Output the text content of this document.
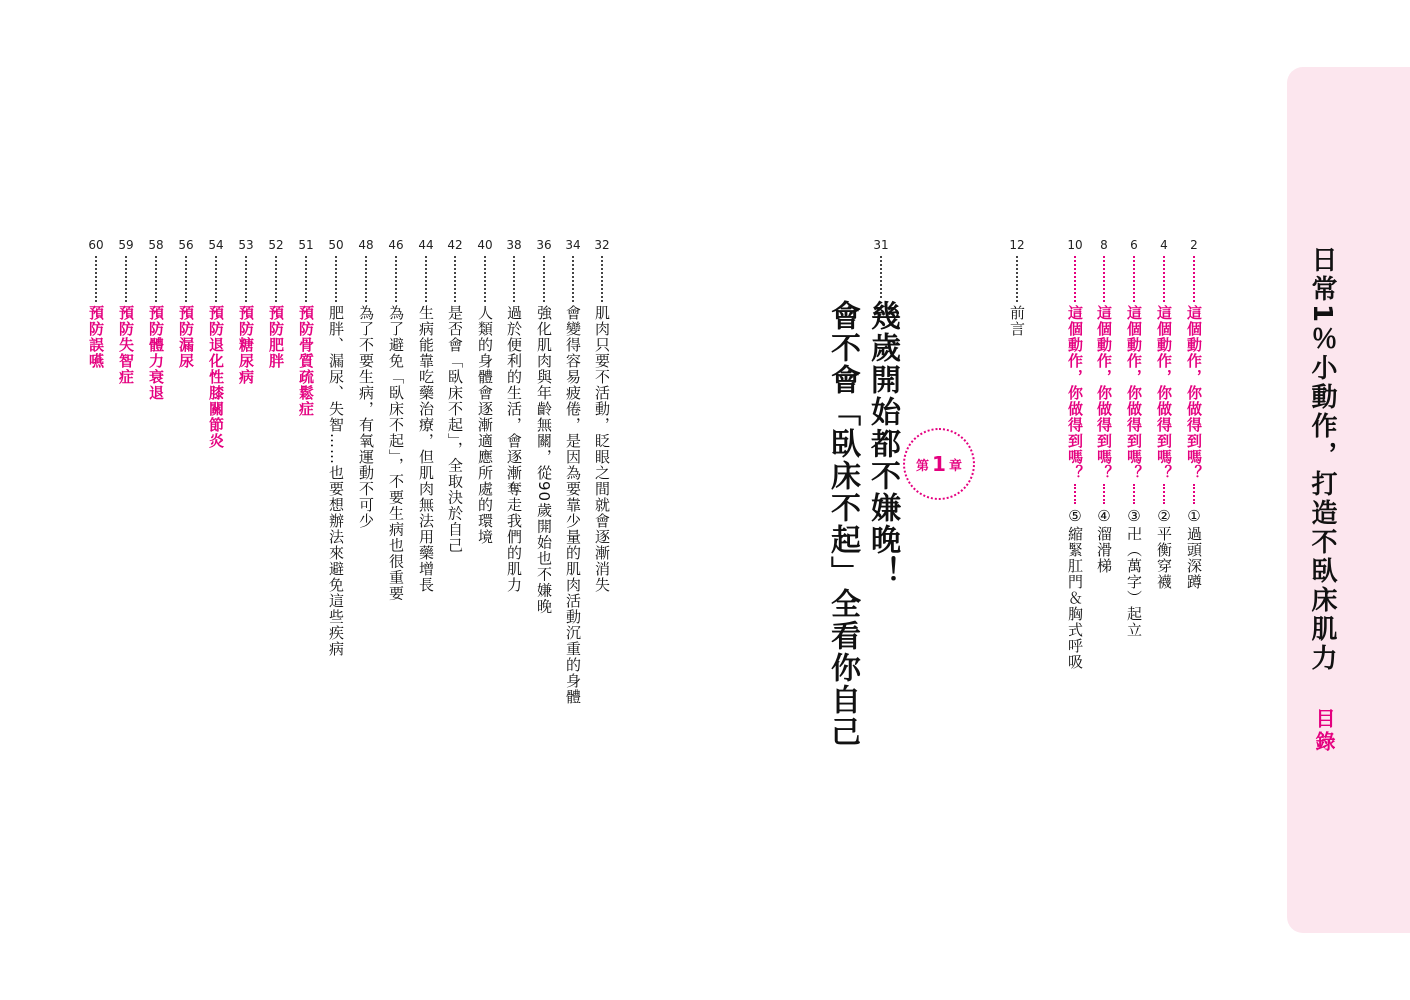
日常1％小動作，打造不臥床肌力
目錄
2
這個動作，你做得到嗎？
①過頭深蹲
4
這個動作，你做得到嗎？
②平衡穿襪
6
這個動作，你做得到嗎？
③卍（萬字）起立
8
這個動作，你做得到嗎？
④溜滑梯
10
這個動作，你做得到嗎？
⑤縮緊肛門＆胸式呼吸
12
前言
31
幾歲開始都不嫌晚！
會不會「臥床不起」全看你自己	第 1 章
32
肌肉只要不活動，眨眼之間就會逐漸消失
34
會變得容易疲倦，是因為要靠少量的肌肉活動沉重的身體
36
強化肌肉與年齡無關，從90歲開始也不嫌晚
38
過於便利的生活，會逐漸奪走我們的肌力
40
人類的身體會逐漸適應所處的環境
42
是否會「臥床不起」，全取決於自己
44
生病能靠吃藥治療，但肌肉無法用藥增長
46
為了避免「臥床不起」，不要生病也很重要
48
為了不要生病，有氧運動不可少
50
肥胖、漏尿、失智……也要想辦法來避免這些疾病
51
預防骨質疏鬆症
52
預防肥胖
53
預防糖尿病
54
預防退化性膝關節炎
56
預防漏尿
58
預防體力衰退
59
預防失智症
60
預防誤嚥
